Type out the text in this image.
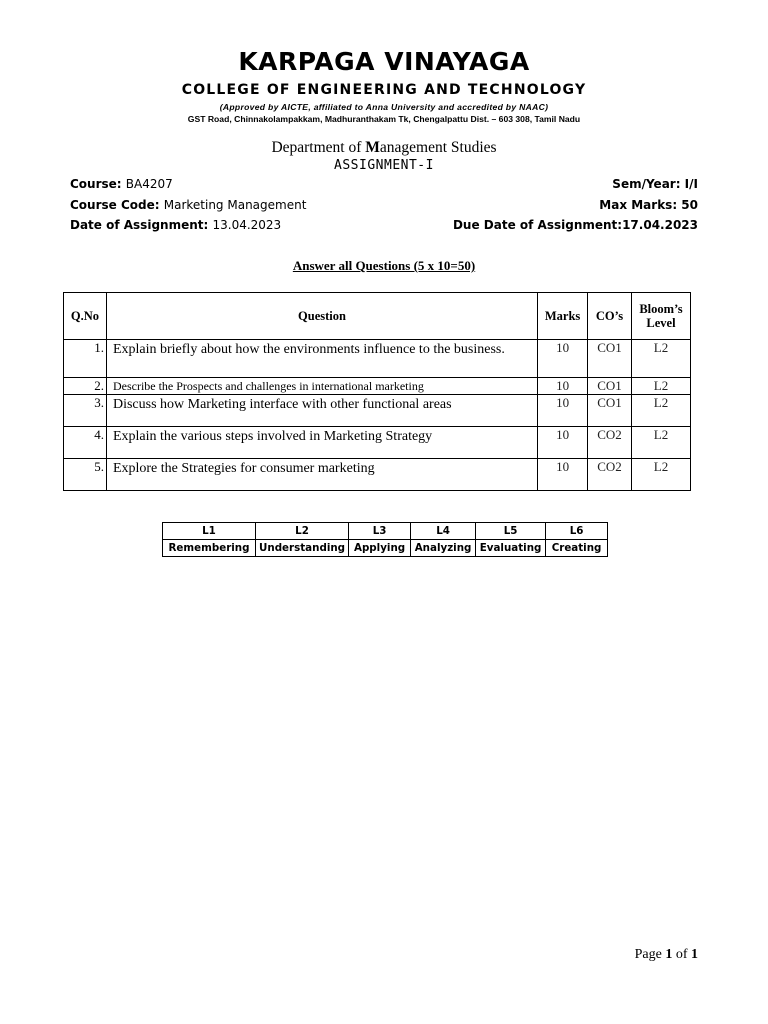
KARPAGA VINAYAGA
COLLEGE OF ENGINEERING AND TECHNOLOGY
(Approved by AICTE, affiliated to Anna University and accredited by NAAC)
GST Road, Chinnakolampakkam, Madhuranthakam Tk, Chengalpattu Dist. – 603 308, Tamil Nadu
Department of Management Studies
ASSIGNMENT-I
Course: BA4207	Sem/Year: I/I
Course Code: Marketing Management	Max Marks: 50
Date of Assignment: 13.04.2023	Due Date of Assignment:17.04.2023
Answer all Questions (5 x 10=50)
Q.No	Question	Marks	CO’s	Bloom’s Level
1.	Explain briefly about how the environments influence to the business.	10	CO1	L2
2.	Describe the Prospects and challenges in international marketing	10	CO1	L2
3.	Discuss how Marketing interface with other functional areas	10	CO1	L2
4.	Explain the various steps involved in Marketing Strategy	10	CO2	L2
5.	Explore the Strategies for consumer marketing	10	CO2	L2
L1	L2	L3	L4	L5	L6
Remembering	Understanding	Applying	Analyzing	Evaluating	Creating
Page 1 of 1
